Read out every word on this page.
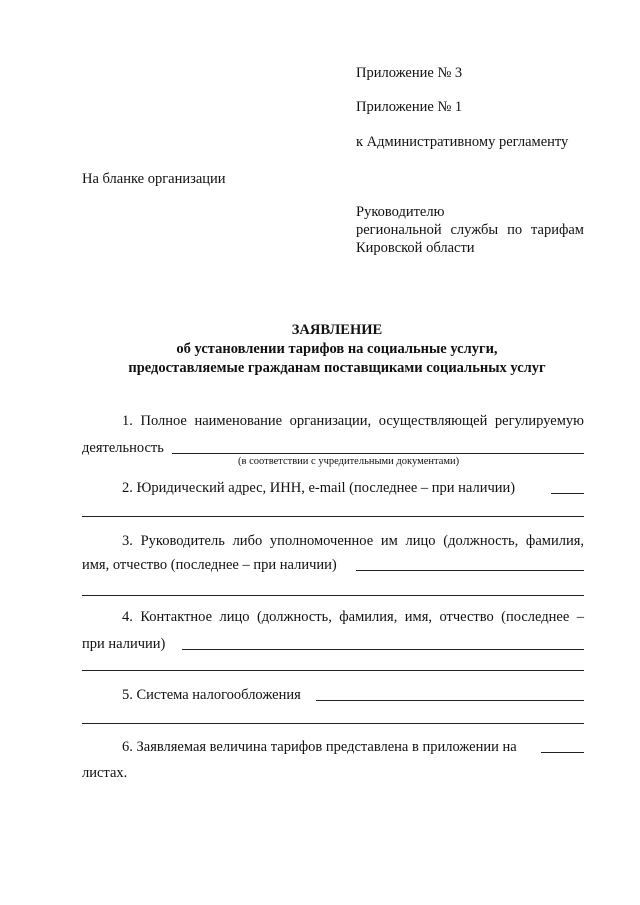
Приложение № 3
Приложение № 1
к Административному регламенту
На бланке организации
Руководителю
региональной службы по тарифам
Кировской области
ЗАЯВЛЕНИЕ
об установлении тарифов на социальные услуги,
предоставляемые гражданам поставщиками социальных услуг
1. Полное наименование организации, осуществляющей регулируемую
деятельность
(в соответствии с учредительными документами)
2. Юридический адрес, ИНН, e-mail (последнее – при наличии)
3. Руководитель либо уполномоченное им лицо (должность, фамилия,
имя, отчество (последнее – при наличии)
4. Контактное лицо (должность, фамилия, имя, отчество (последнее –
при наличии)
5. Система налогообложения
6. Заявляемая величина тарифов представлена в приложении на
листах.
